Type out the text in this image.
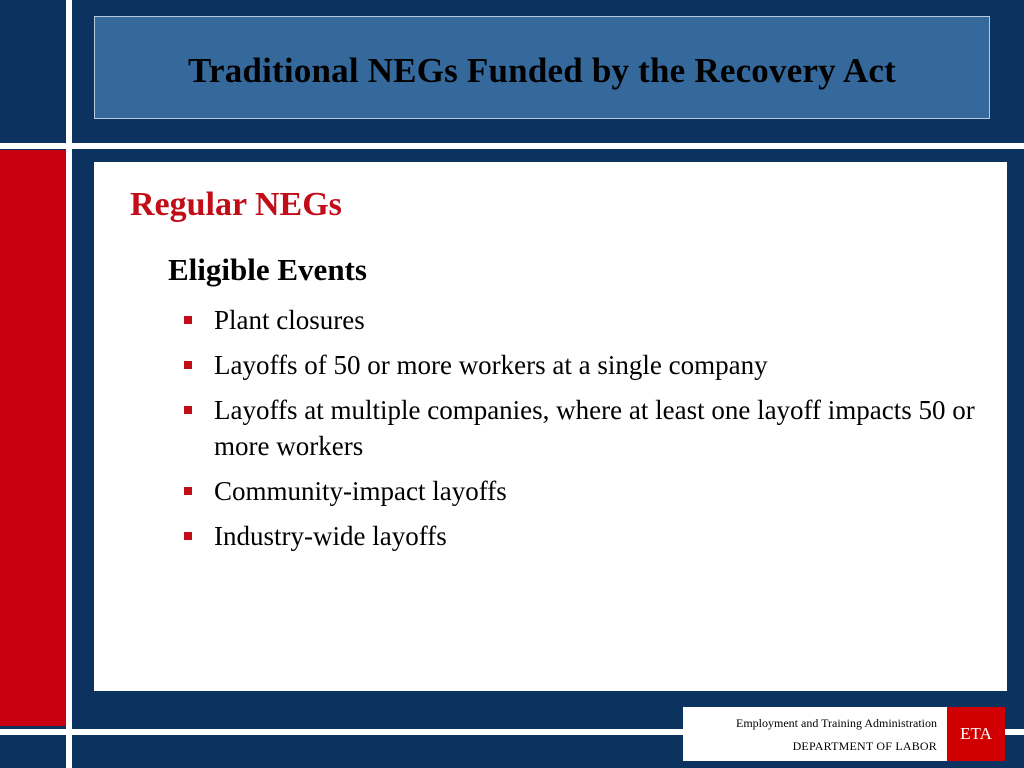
Traditional NEGs Funded by the Recovery Act
Regular NEGs
Eligible Events
Plant closures
Layoffs of 50 or more workers at a single company
Layoffs at multiple companies, where at least one layoff impacts 50 or more workers
Community-impact layoffs
Industry-wide layoffs
Employment and Training Administration
DEPARTMENT OF LABOR
ETA
